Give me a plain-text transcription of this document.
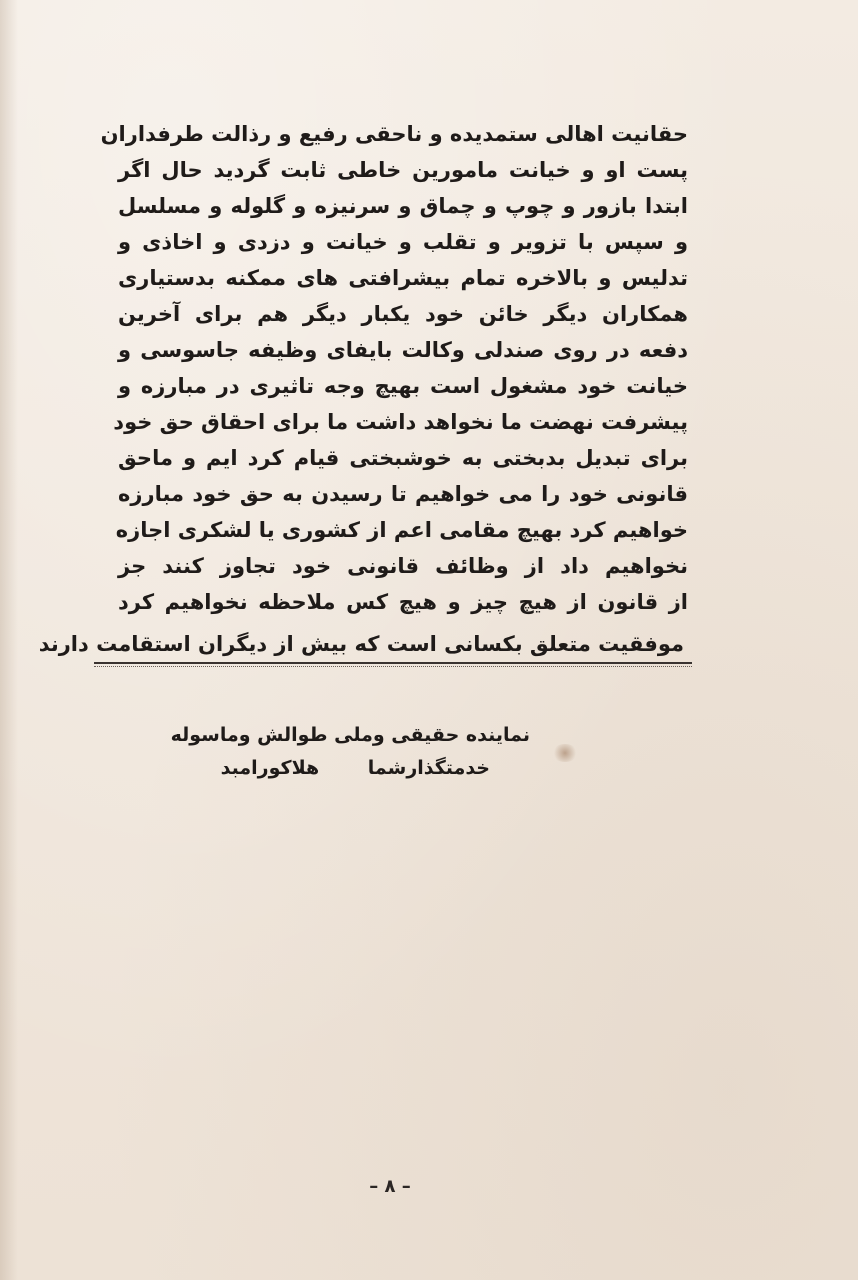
حقانیت اهالی ستمدیده و ناحقی رفیع و رذالت طرفداران
پست او و خیانت مامورین خاطی ثابت گردید حال اگر
ابتدا بازور و چوپ و چماق و سرنیزه و گلوله و مسلسل
و سپس با تزویر و تقلب و خیانت و دزدی و اخاذی و
تدلیس و بالاخره تمام بیشرافتی های ممکنه بدستیاری
همکاران دیگر خائن خود یکبار دیگر هم برای آخرین
دفعه در روی صندلی وکالت بایفای وظیفه جاسوسی و
خیانت خود مشغول است بهیچ وجه تاثیری در مبارزه و
پیشرفت نهضت ما نخواهد داشت ما برای احقاق حق خود
برای تبدیل بدبختی به خوشبختی قیام کرد ایم و ماحق
قانونی خود را می خواهیم تا رسیدن به حق خود مبارزه
خواهیم کرد بهیچ مقامی اعم از کشوری یا لشکری اجازه
نخواهیم داد از وظائف قانونی خود تجاوز کنند جز
از قانون از هیچ چیز و هیچ کس ملاحظه نخواهیم کرد
موفقیت متعلق بکسانی است که بیش از دیگران استقامت دارند
نماینده حقیقی وملی طوالش وماسوله
خدمتگذارشما هلاکورامبد
– ۸ –
